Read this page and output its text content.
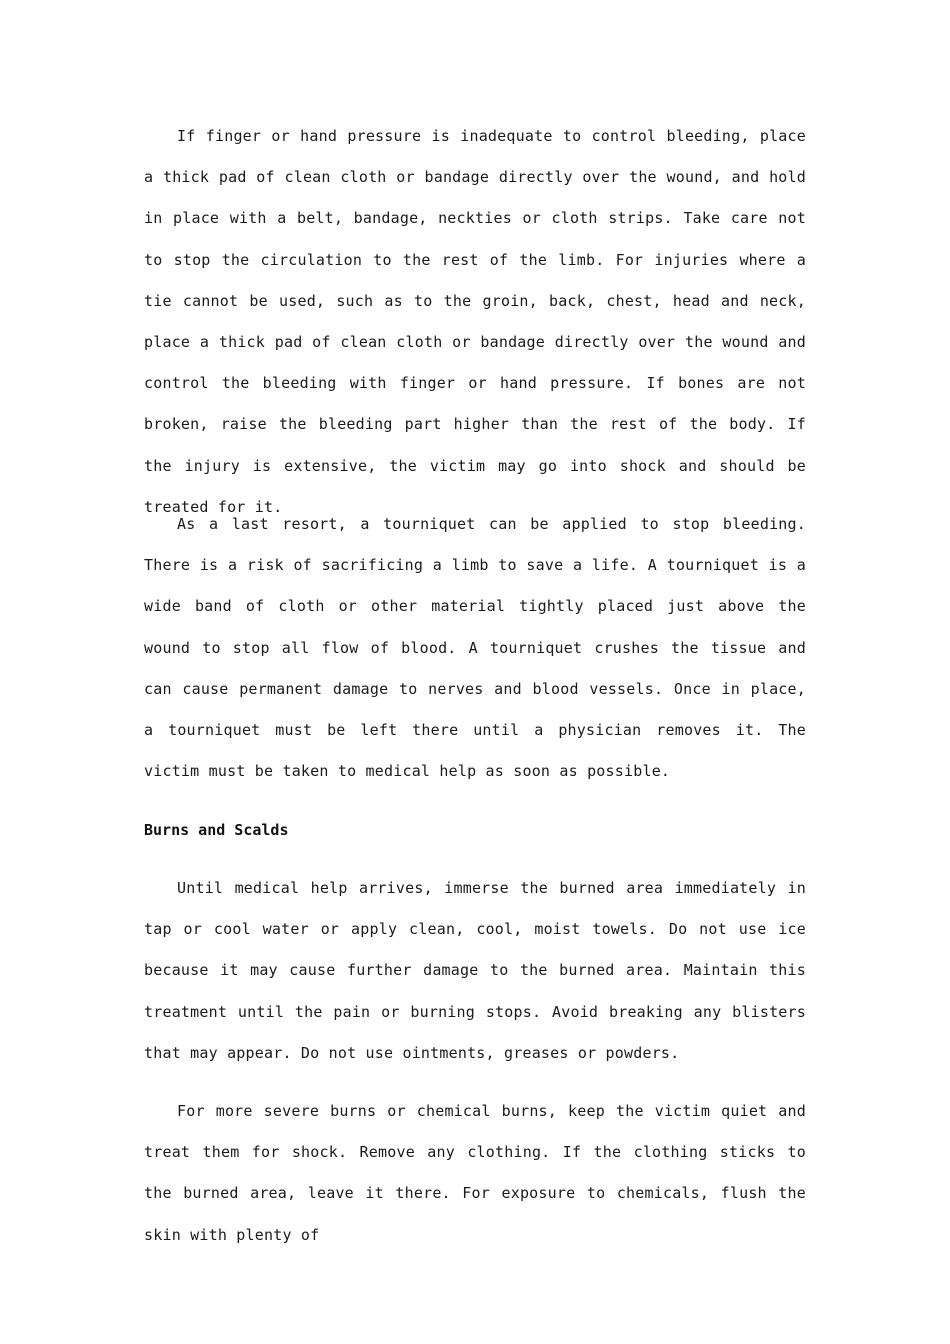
If finger or hand pressure is inadequate to control bleeding, place a thick pad of clean cloth or bandage directly over the wound, and hold in place with a belt, bandage, neckties or cloth strips. Take care not to stop the circulation to the rest of the limb. For injuries where a tie cannot be used, such as to the groin, back, chest, head and neck, place a thick pad of clean cloth or bandage directly over the wound and control the bleeding with finger or hand pressure. If bones are not broken, raise the bleeding part higher than the rest of the body. If the injury is extensive, the victim may go into shock and should be treated for it.

As a last resort, a tourniquet can be applied to stop bleeding. There is a risk of sacrificing a limb to save a life. A tourniquet is a wide band of cloth or other material tightly placed just above the wound to stop all flow of blood. A tourniquet crushes the tissue and can cause permanent damage to nerves and blood vessels. Once in place, a tourniquet must be left there until a physician removes it. The victim must be taken to medical help as soon as possible.

Burns and Scalds

Until medical help arrives, immerse the burned area immediately in tap or cool water or apply clean, cool, moist towels. Do not use ice because it may cause further damage to the burned area. Maintain this treatment until the pain or burning stops. Avoid breaking any blisters that may appear. Do not use ointments, greases or powders.

For more severe burns or chemical burns, keep the victim quiet and treat them for shock. Remove any clothing. If the clothing sticks to the burned area, leave it there. For exposure to chemicals, flush the skin with plenty of
